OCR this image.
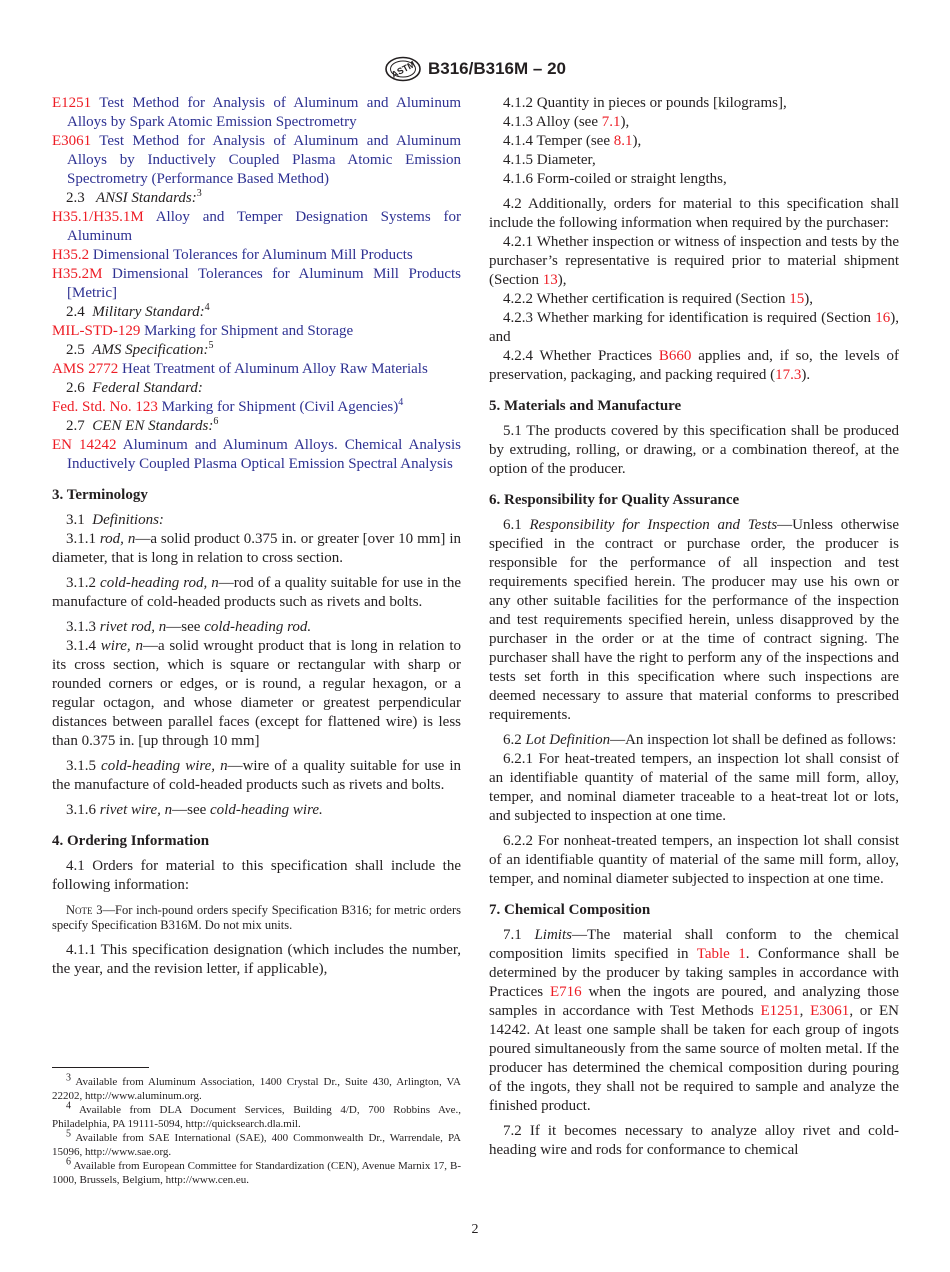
ASTM B316/B316M – 20
E1251 Test Method for Analysis of Aluminum and Aluminum Alloys by Spark Atomic Emission Spectrometry
E3061 Test Method for Analysis of Aluminum and Aluminum Alloys by Inductively Coupled Plasma Atomic Emission Spectrometry (Performance Based Method)
2.3 ANSI Standards:$^3$
H35.1/H35.1M Alloy and Temper Designation Systems for Aluminum
H35.2 Dimensional Tolerances for Aluminum Mill Products
H35.2M Dimensional Tolerances for Aluminum Mill Products [Metric]
2.4 Military Standard:$^4$
MIL-STD-129 Marking for Shipment and Storage
2.5 AMS Specification:$^5$
AMS 2772 Heat Treatment of Aluminum Alloy Raw Materials
2.6 Federal Standard:
Fed. Std. No. 123 Marking for Shipment (Civil Agencies)$^4$
2.7 CEN EN Standards:$^6$
EN 14242 Aluminum and Aluminum Alloys. Chemical Analysis Inductively Coupled Plasma Optical Emission Spectral Analysis
3. Terminology

3.1 Definitions:

3.1.1 rod, n—a solid product 0.375 in. or greater [over 10 mm] in diameter, that is long in relation to cross section.

3.1.2 cold-heading rod, n—rod of a quality suitable for use in the manufacture of cold-headed products such as rivets and bolts.

3.1.3 rivet rod, n—see cold-heading rod.

3.1.4 wire, n—a solid wrought product that is long in relation to its cross section, which is square or rectangular with sharp or rounded corners or edges, or is round, a regular hexagon, or a regular octagon, and whose diameter or greatest perpendicular distances between parallel faces (except for flattened wire) is less than 0.375 in. [up through 10 mm]

3.1.5 cold-heading wire, n—wire of a quality suitable for use in the manufacture of cold-headed products such as rivets and bolts.

3.1.6 rivet wire, n—see cold-heading wire.

4. Ordering Information

4.1 Orders for material to this specification shall include the following information:

Note 3—For inch-pound orders specify Specification B316; for metric orders specify Specification B316M. Do not mix units.

4.1.1 This specification designation (which includes the number, the year, and the revision letter, if applicable),

$^3$ Available from Aluminum Association, 1400 Crystal Dr., Suite 430, Arlington, VA 22202, http://www.aluminum.org.

$^4$ Available from DLA Document Services, Building 4/D, 700 Robbins Ave., Philadelphia, PA 19111-5094, http://quicksearch.dla.mil.

$^5$ Available from SAE International (SAE), 400 Commonwealth Dr., Warrendale, PA 15096, http://www.sae.org.

$^6$ Available from European Committee for Standardization (CEN), Avenue Marnix 17, B-1000, Brussels, Belgium, http://www.cen.eu.

4.1.2 Quantity in pieces or pounds [kilograms],

4.1.3 Alloy (see 7.1),

4.1.4 Temper (see 8.1),

4.1.5 Diameter,

4.1.6 Form-coiled or straight lengths,

4.2 Additionally, orders for material to this specification shall include the following information when required by the purchaser:

4.2.1 Whether inspection or witness of inspection and tests by the purchaser’s representative is required prior to material shipment (Section 13),

4.2.2 Whether certification is required (Section 15),

4.2.3 Whether marking for identification is required (Section 16), and

4.2.4 Whether Practices B660 applies and, if so, the levels of preservation, packaging, and packing required (17.3).

5. Materials and Manufacture

5.1 The products covered by this specification shall be produced by extruding, rolling, or drawing, or a combination thereof, at the option of the producer.

6. Responsibility for Quality Assurance

6.1 Responsibility for Inspection and Tests—Unless otherwise specified in the contract or purchase order, the producer is responsible for the performance of all inspection and test requirements specified herein. The producer may use his own or any other suitable facilities for the performance of the inspection and test requirements specified herein, unless disapproved by the purchaser in the order or at the time of contract signing. The purchaser shall have the right to perform any of the inspections and tests set forth in this specification where such inspections are deemed necessary to assure that material conforms to prescribed requirements.

6.2 Lot Definition—An inspection lot shall be defined as follows:

6.2.1 For heat-treated tempers, an inspection lot shall consist of an identifiable quantity of material of the same mill form, alloy, temper, and nominal diameter traceable to a heat-treat lot or lots, and subjected to inspection at one time.

6.2.2 For nonheat-treated tempers, an inspection lot shall consist of an identifiable quantity of material of the same mill form, alloy, temper, and nominal diameter subjected to inspection at one time.

7. Chemical Composition

7.1 Limits—The material shall conform to the chemical composition limits specified in Table 1. Conformance shall be determined by the producer by taking samples in accordance with Practices E716 when the ingots are poured, and analyzing those samples in accordance with Test Methods E1251, E3061, or EN 14242. At least one sample shall be taken for each group of ingots poured simultaneously from the same source of molten metal. If the producer has determined the chemical composition during pouring of the ingots, they shall not be required to sample and analyze the finished product.

7.2 If it becomes necessary to analyze alloy rivet and cold-heading wire and rods for conformance to chemical

2
